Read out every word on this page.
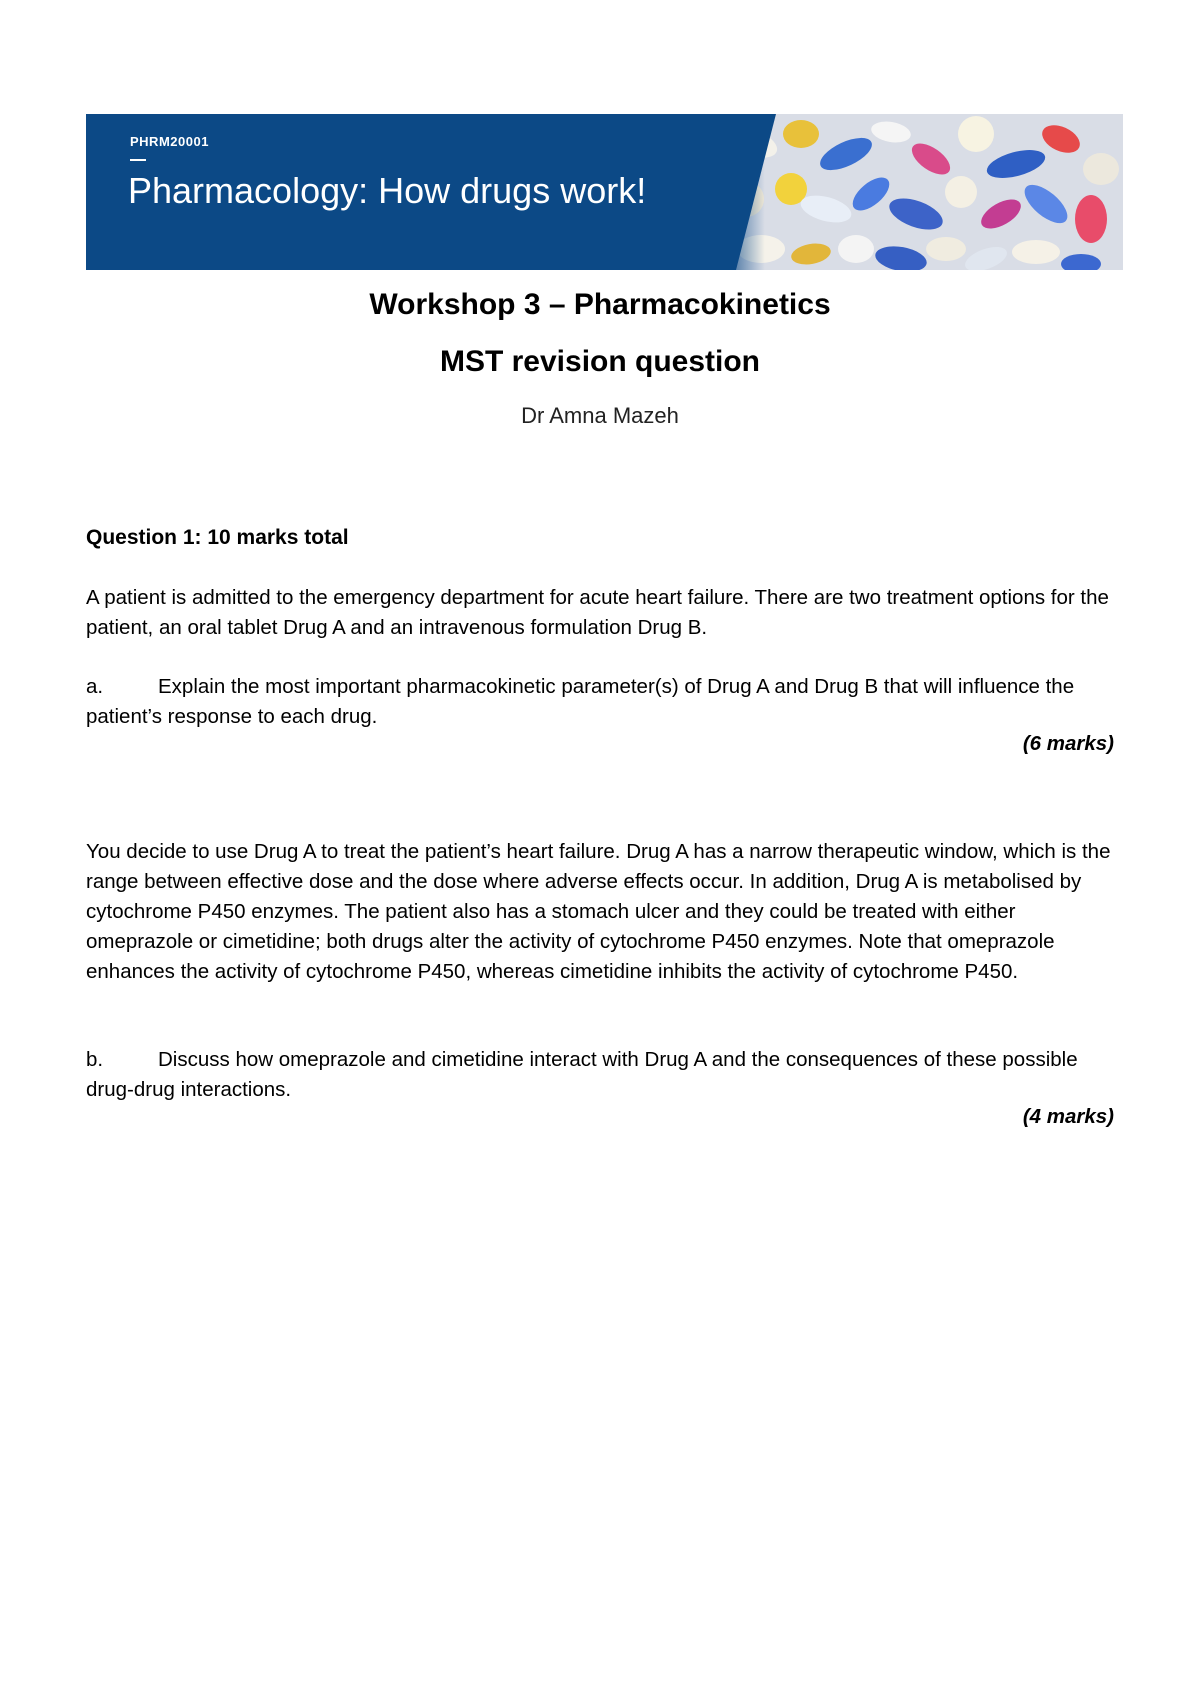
PHRM20001
Pharmacology: How drugs work!
Workshop 3 – Pharmacokinetics
MST revision question
Dr Amna Mazeh
Question 1: 10 marks total
A patient is admitted to the emergency department for acute heart failure. There are two treatment options for the patient, an oral tablet Drug A and an intravenous formulation Drug B.
a.	Explain the most important pharmacokinetic parameter(s) of Drug A and Drug B that will influence the patient’s response to each drug.
(6 marks)
You decide to use Drug A to treat the patient’s heart failure. Drug A has a narrow therapeutic window, which is the range between effective dose and the dose where adverse effects occur. In addition, Drug A is metabolised by cytochrome P450 enzymes. The patient also has a stomach ulcer and they could be treated with either omeprazole or cimetidine; both drugs alter the activity of cytochrome P450 enzymes. Note that omeprazole enhances the activity of cytochrome P450, whereas cimetidine inhibits the activity of cytochrome P450.
b.	Discuss how omeprazole and cimetidine interact with Drug A and the consequences of these possible drug-drug interactions.
(4 marks)
